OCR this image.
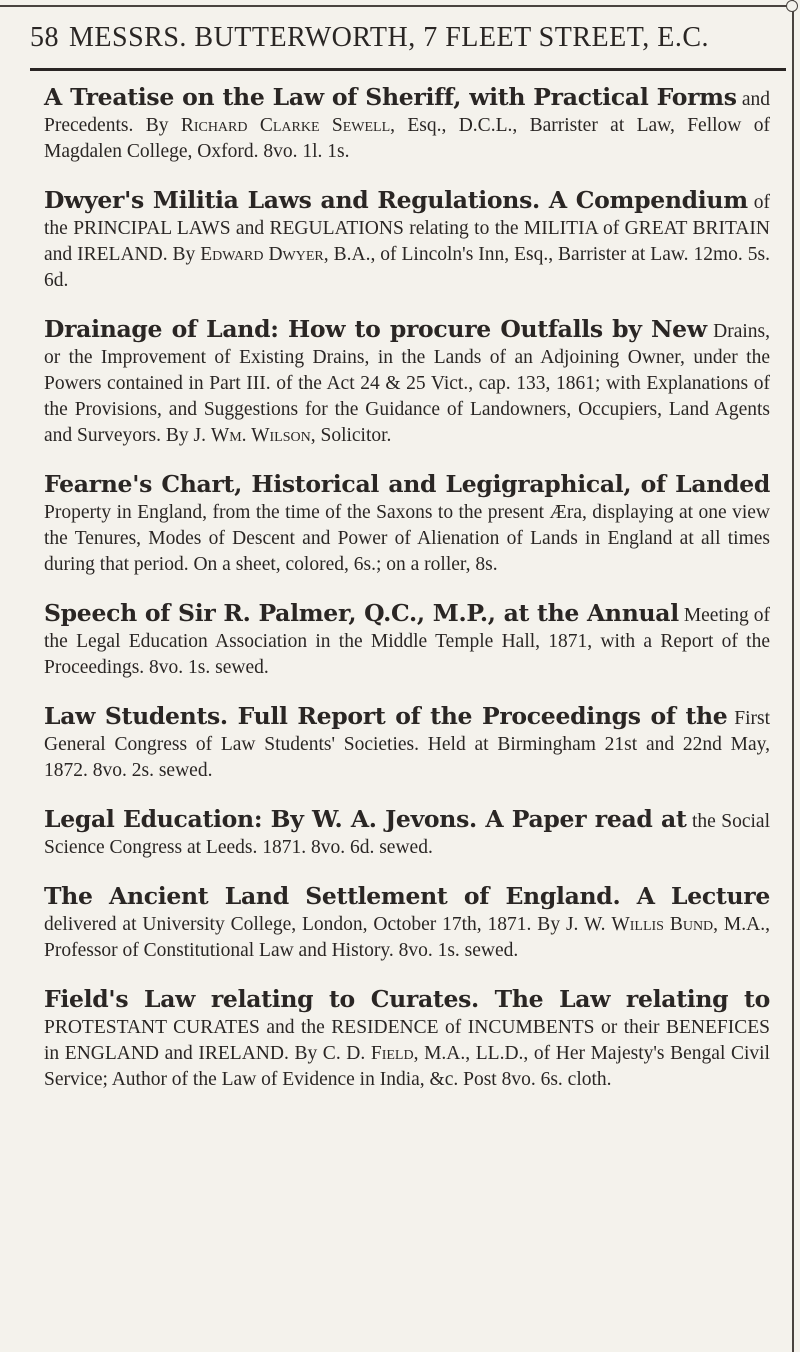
58 MESSRS. BUTTERWORTH, 7 FLEET STREET, E.C.
A Treatise on the Law of Sheriff, with Practical Forms and Precedents. By Richard Clarke Sewell, Esq., D.C.L., Barrister at Law, Fellow of Magdalen College, Oxford. 8vo. 1l. 1s.
Dwyer's Militia Laws and Regulations. A Compendium of the PRINCIPAL LAWS and REGULATIONS relating to the MILITIA of GREAT BRITAIN and IRELAND. By Edward Dwyer, B.A., of Lincoln's Inn, Esq., Barrister at Law. 12mo. 5s. 6d.
Drainage of Land: How to procure Outfalls by New Drains, or the Improvement of Existing Drains, in the Lands of an Adjoining Owner, under the Powers contained in Part III. of the Act 24 & 25 Vict., cap. 133, 1861; with Explanations of the Provisions, and Suggestions for the Guidance of Landowners, Occupiers, Land Agents and Surveyors. By J. Wm. Wilson, Solicitor.
Fearne's Chart, Historical and Legigraphical, of Landed Property in England, from the time of the Saxons to the present Æra, displaying at one view the Tenures, Modes of Descent and Power of Alienation of Lands in England at all times during that period. On a sheet, colored, 6s.; on a roller, 8s.
Speech of Sir R. Palmer, Q.C., M.P., at the Annual Meeting of the Legal Education Association in the Middle Temple Hall, 1871, with a Report of the Proceedings. 8vo. 1s. sewed.
Law Students. Full Report of the Proceedings of the First General Congress of Law Students' Societies. Held at Birmingham 21st and 22nd May, 1872. 8vo. 2s. sewed.
Legal Education: By W. A. Jevons. A Paper read at the Social Science Congress at Leeds. 1871. 8vo. 6d. sewed.
The Ancient Land Settlement of England. A Lecture delivered at University College, London, October 17th, 1871. By J. W. Willis Bund, M.A., Professor of Constitutional Law and History. 8vo. 1s. sewed.
Field's Law relating to Curates. The Law relating to PROTESTANT CURATES and the RESIDENCE of INCUMBENTS or their BENEFICES in ENGLAND and IRELAND. By C. D. Field, M.A., LL.D., of Her Majesty's Bengal Civil Service; Author of the Law of Evidence in India, &c. Post 8vo. 6s. cloth.
